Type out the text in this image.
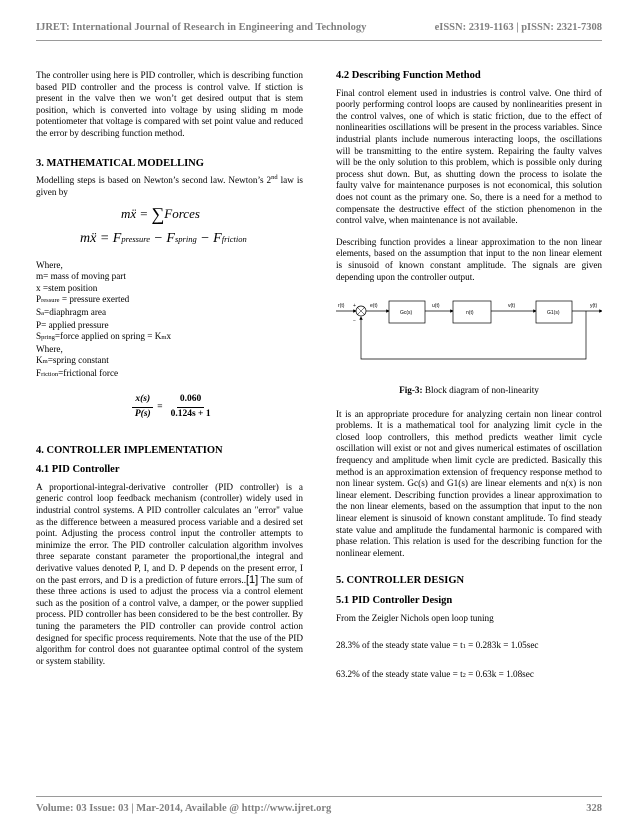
IJRET: International Journal of Research in Engineering and Technology	eISSN: 2319-1163 | pISSN: 2321-7308

The controller using here is PID controller, which is describing function based PID controller and the process is control valve. If stiction is present in the valve then we won’t get desired output that is stem position, which is converted into voltage by using sliding m mode potentiometer that voltage is compared with set point value and reduced the error by describing function method.

3. MATHEMATICAL MODELLING

Modelling steps is based on Newton’s second law. Newton’s 2nd law is given by

mẍ = ∑Forces
mẍ = Fpressure − Fspring − Ffriction
Where,
m= mass of moving part
x =stem position
Pressure = pressure exerted
Sa=diaphragm area
P= applied pressure
Spring=force applied on spring = Kmx
Where,
Km=spring constant
Friction=frictional force
$\frac{x(s)}{P(s)} = \frac{0.060}{0.124s + 1}$

4. CONTROLLER IMPLEMENTATION

4.1 PID Controller

A proportional-integral-derivative controller (PID controller) is a generic control loop feedback mechanism (controller) widely used in industrial control systems. A PID controller calculates an "error" value as the difference between a measured process variable and a desired set point. Adjusting the process control input the controller attempts to minimize the error. The PID controller calculation algorithm involves three separate constant parameter the proportional,the integral and derivative values denoted P, I, and D. P depends on the present error, I on the past errors, and D is a prediction of future errors..[1] The sum of these three actions is used to adjust the process via a control element such as the position of a control valve, a damper, or the power supplied process. PID controller has been considered to be the best controller. By tuning the parameters the PID controller can provide control action designed for specific process requirements. Note that the use of the PID algorithm for control does not guarantee optimal control of the system or system stability.

4.2 Describing Function Method

Final control element used in industries is control valve. One third of poorly performing control loops are caused by nonlinearities present in the control valves, one of which is static friction, due to the effect of nonlinearities oscillations will be present in the process variables. Since industrial plants include numerous interacting loops, the oscillations will be transmitting to the entire system. Repairing the faulty valves will be the only solution to this problem, which is possible only during process shut down. But, as shutting down the process to isolate the faulty valve for maintenance purposes is not economical, this solution does not count as the primary one. So, there is a need for a method to compensate the destructive effect of the stiction phenomenon in the control valve, when maintenance is not available.

Describing function provides a linear approximation to the non linear elements, based on the assumption that input to the non linear element is sinusoid of known constant amplitude. The signals are given depending upon the controller output.

r(t) +
−
e(t)
Gc(s)
u(t)
n(t)
v(t)
G1(s)
y(t)

Fig-3: Block diagram of non-linearity

It is an appropriate procedure for analyzing certain non linear control problems. It is a mathematical tool for analyzing limit cycle in the closed loop controllers, this method predicts weather limit cycle oscillation will exist or not and gives numerical estimates of oscillation frequency and amplitude when limit cycle are predicted. Basically this method is an approximation extension of frequency response method to non linear system. Gc(s) and G1(s) are linear elements and n(x) is non linear element. Describing function provides a linear approximation to the non linear elements, based on the assumption that input to the non linear element is sinusoid of known constant amplitude. To find steady state value and amplitude the fundamental harmonic is compared with phase relation. This relation is used for the describing function for the nonlinear element.

5. CONTROLLER DESIGN

5.1 PID Controller Design

From the Zeigler Nichols open loop tuning

28.3% of the steady state value = t1 = 0.283k = 1.05sec

63.2% of the steady state value = t2 = 0.63k = 1.08sec

Volume: 03 Issue: 03 | Mar-2014, Available @ http://www.ijret.org	328
